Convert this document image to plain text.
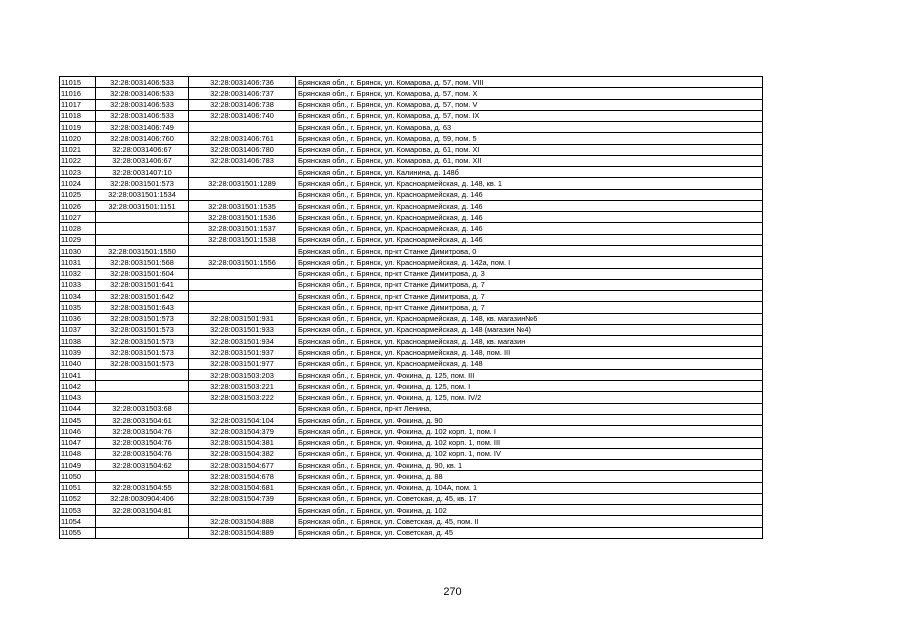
11015	32:28:0031406:533	32:28:0031406:736	Брянская обл., г. Брянск, ул. Комарова, д. 57, пом. VIII
11016	32:28:0031406:533	32:28:0031406:737	Брянская обл., г. Брянск, ул. Комарова, д. 57, пом. Х
11017	32:28:0031406:533	32:28:0031406:738	Брянская обл., г. Брянск, ул. Комарова, д. 57, пом. V
11018	32:28:0031406:533	32:28:0031406:740	Брянская обл., г. Брянск, ул. Комарова, д. 57, пом. IX
11019	32:28:0031406:749		Брянская обл., г. Брянск, ул. Комарова, д. 63
11020	32:28:0031406:760	32:28:0031406:761	Брянская обл., г. Брянск, ул. Комарова, д. 59, пом. 5
11021	32:28:0031406:67	32:28:0031406:780	Брянская обл., г. Брянск, ул. Комарова, д. 61, пом. XI
11022	32:28:0031406:67	32:28:0031406:783	Брянская обл., г. Брянск, ул. Комарова, д. 61, пом. XII
11023	32:28:0031407:10		Брянская обл., г. Брянск, ул. Калинина, д. 148б
11024	32:28:0031501:573	32:28:0031501:1289	Брянская обл., г. Брянск, ул. Красноармейская, д. 148, кв. 1
11025	32:28:0031501:1534		Брянская обл., г. Брянск, ул. Красноармейская, д. 146
11026	32:28:0031501:1151	32:28:0031501:1535	Брянская обл., г. Брянск, ул. Красноармейская, д. 146
11027		32:28:0031501:1536	Брянская обл., г. Брянск, ул. Красноармейская, д. 146
11028		32:28:0031501:1537	Брянская обл., г. Брянск, ул. Красноармейская, д. 146
11029		32:28:0031501:1538	Брянская обл., г. Брянск, ул. Красноармейская, д. 146
11030	32:28:0031501:1550		Брянская обл., г. Брянск, пр-кт Станке Димитрова, 0
11031	32:28:0031501:568	32:28:0031501:1556	Брянская обл., г. Брянск, ул. Красноармейская, д. 142а, пом. I
11032	32:28:0031501:604		Брянская обл., г. Брянск, пр-кт Станке Димитрова, д. 3
11033	32:28:0031501:641		Брянская обл., г. Брянск, пр-кт Станке Димитрова, д. 7
11034	32:28:0031501:642		Брянская обл., г. Брянск, пр-кт Станке Димитрова, д. 7
11035	32:28:0031501:643		Брянская обл., г. Брянск, пр-кт Станке Димитрова, д. 7
11036	32:28:0031501:573	32:28:0031501:931	Брянская обл., г. Брянск, ул. Красноармейская, д. 148, кв. магазин№6
11037	32:28:0031501:573	32:28:0031501:933	Брянская обл., г. Брянск, ул. Красноармейская, д. 148 (магазин №4)
11038	32:28:0031501:573	32:28:0031501:934	Брянская обл., г. Брянск, ул. Красноармейская, д. 148, кв. магазин
11039	32:28:0031501:573	32:28:0031501:937	Брянская обл., г. Брянск, ул. Красноармейская, д. 148, пом. III
11040	32:28:0031501:573	32:28:0031501:977	Брянская обл., г. Брянск, ул. Красноармейская, д. 148
11041		32:28:0031503:203	Брянская обл., г. Брянск, ул. Фокина, д. 125, пом. III
11042		32:28:0031503:221	Брянская обл., г. Брянск, ул. Фокина, д. 125, пом. I
11043		32:28:0031503:222	Брянская обл., г. Брянск, ул. Фокина, д. 125, пом. IV/2
11044	32:28:0031503:68		Брянская обл., г. Брянск, пр-кт Ленина,
11045	32:28:0031504:61	32:28:0031504:104	Брянская обл., г. Брянск, ул. Фокина, д. 90
11046	32:28:0031504:76	32:28:0031504:379	Брянская обл., г. Брянск, ул. Фокина, д. 102 корп. 1, пом. I
11047	32:28:0031504:76	32:28:0031504:381	Брянская обл., г. Брянск, ул. Фокина, д. 102 корп. 1, пом. III
11048	32:28:0031504:76	32:28:0031504:382	Брянская обл., г. Брянск, ул. Фокина, д. 102 корп. 1, пом. IV
11049	32:28:0031504:62	32:28:0031504:677	Брянская обл., г. Брянск, ул. Фокина, д. 90, кв. 1
11050		32:28:0031504:678	Брянская обл., г. Брянск, ул. Фокина, д. 88
11051	32:28:0031504:55	32:28:0031504:681	Брянская обл., г. Брянск, ул. Фокина, д. 104А, пом. 1
11052	32:28:0030904:406	32:28:0031504:739	Брянская обл., г. Брянск, ул. Советская, д. 45, кв. 17
11053	32:28:0031504:81		Брянская обл., г. Брянск, ул. Фокина, д. 102
11054		32:28:0031504:888	Брянская обл., г. Брянск, ул. Советская, д. 45, пом. II
11055		32:28:0031504:889	Брянская обл., г. Брянск, ул. Советская, д. 45
270
